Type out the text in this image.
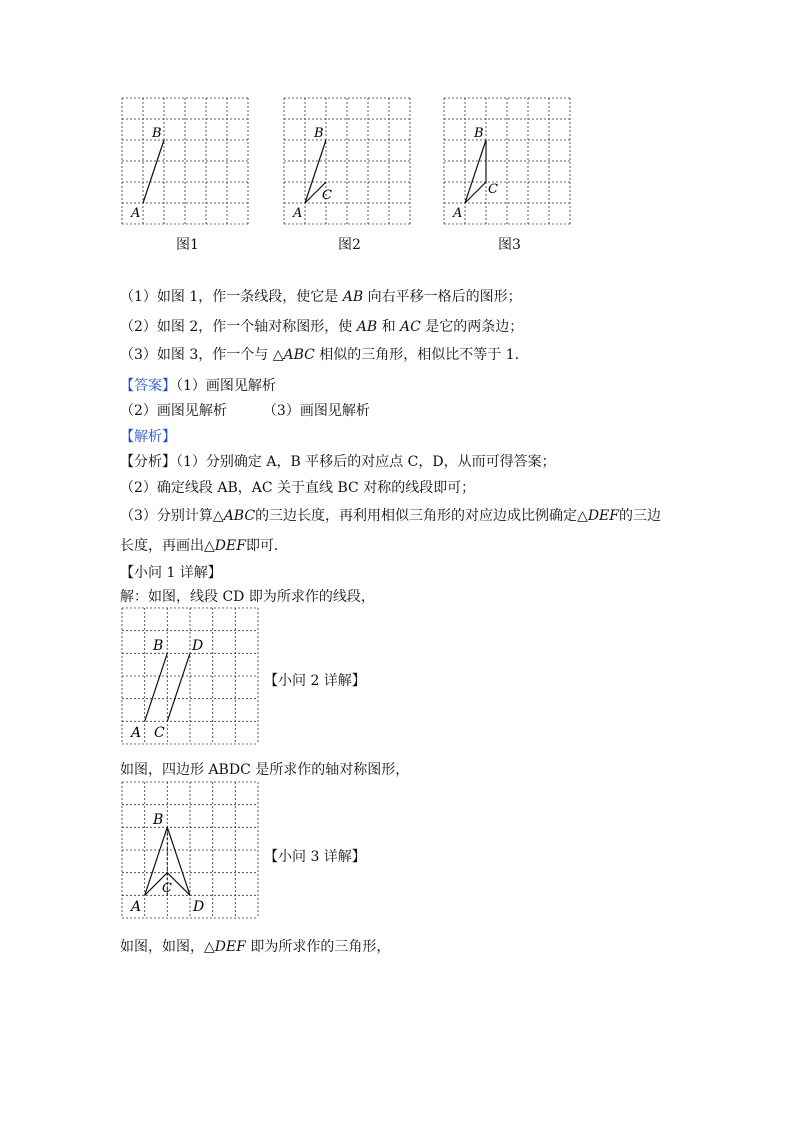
A
B
图1
A
B
C
图2
A
B
C
图3
（1）如图 1，作一条线段，使它是 AB 向右平移一格后的图形；
（2）如图 2，作一个轴对称图形，使 AB 和 AC 是它的两条边；
（3）如图 3，作一个与 △ABC 相似的三角形，相似比不等于 1.
【答案】（1）画图见解析
（2）画图见解析	（3）画图见解析
【解析】
【分析】（1）分别确定 A，B 平移后的对应点 C，D，从而可得答案；
（2）确定线段 AB，AC 关于直线 BC 对称的线段即可；
（3）分别计算△ABC的三边长度，再利用相似三角形的对应边成比例确定△DEF的三边
长度，再画出△DEF即可.
【小问 1 详解】
解：如图，线段 CD 即为所求作的线段，
A
B
C
D
【小问 2 详解】
如图，四边形 ABDC 是所求作的轴对称图形，
A
B
C
D
【小问 3 详解】
如图，如图，△DEF 即为所求作的三角形，
